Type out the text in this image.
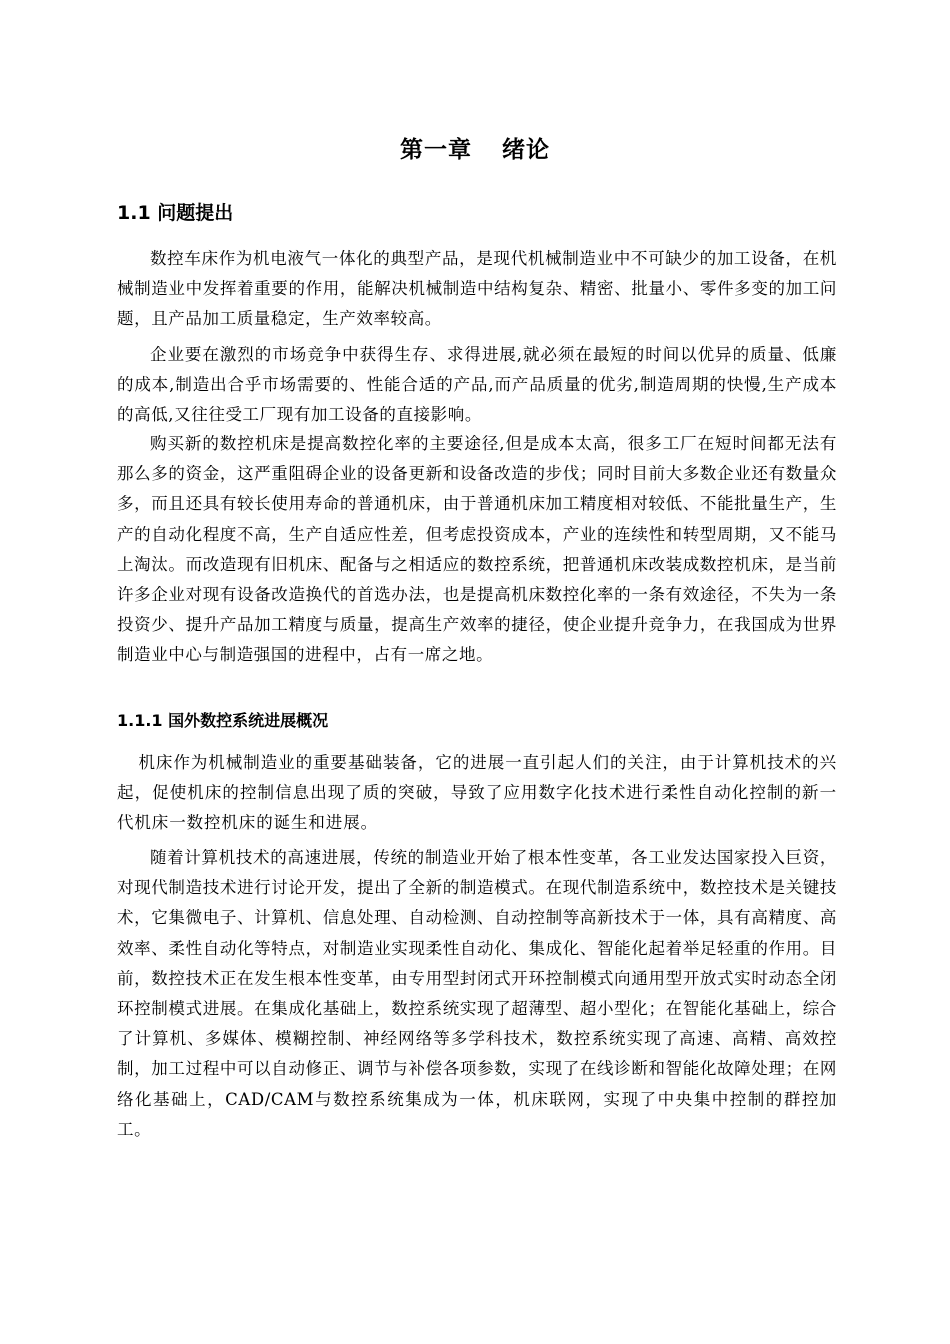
第一章 绪论
1.1 问题提出

数控车床作为机电液气一体化的典型产品，是现代机械制造业中不可缺少的加工设备，在机械制造业中发挥着重要的作用，能解决机械制造中结构复杂、精密、批量小、零件多变的加工问题，且产品加工质量稳定，生产效率较高。

企业要在激烈的市场竞争中获得生存、求得进展,就必须在最短的时间以优异的质量、低廉的成本,制造出合乎市场需要的、性能合适的产品,而产品质量的优劣,制造周期的快慢,生产成本的高低,又往往受工厂现有加工设备的直接影响。

购买新的数控机床是提高数控化率的主要途径,但是成本太高，很多工厂在短时间都无法有那么多的资金，这严重阻碍企业的设备更新和设备改造的步伐；同时目前大多数企业还有数量众多，而且还具有较长使用寿命的普通机床，由于普通机床加工精度相对较低、不能批量生产，生产的自动化程度不高，生产自适应性差，但考虑投资成本，产业的连续性和转型周期，又不能马上淘汰。而改造现有旧机床、配备与之相适应的数控系统，把普通机床改装成数控机床，是当前许多企业对现有设备改造换代的首选办法，也是提高机床数控化率的一条有效途径，不失为一条投资少、提升产品加工精度与质量，提高生产效率的捷径，使企业提升竞争力，在我国成为世界制造业中心与制造强国的进程中，占有一席之地。

1.1.1 国外数控系统进展概况

机床作为机械制造业的重要基础装备，它的进展一直引起人们的关注，由于计算机技术的兴起，促使机床的控制信息出现了质的突破，导致了应用数字化技术进行柔性自动化控制的新一代机床一数控机床的诞生和进展。

随着计算机技术的高速进展，传统的制造业开始了根本性变革，各工业发达国家投入巨资，对现代制造技术进行讨论开发，提出了全新的制造模式。在现代制造系统中，数控技术是关键技术，它集微电子、计算机、信息处理、自动检测、自动控制等高新技术于一体，具有高精度、高效率、柔性自动化等特点，对制造业实现柔性自动化、集成化、智能化起着举足轻重的作用。目前，数控技术正在发生根本性变革，由专用型封闭式开环控制模式向通用型开放式实时动态全闭环控制模式进展。在集成化基础上，数控系统实现了超薄型、超小型化；在智能化基础上，综合了计算机、多媒体、模糊控制、神经网络等多学科技术，数控系统实现了高速、高精、高效控制，加工过程中可以自动修正、调节与补偿各项参数，实现了在线诊断和智能化故障处理；在网络化基础上，CAD/CAM与数控系统集成为一体，机床联网，实现了中央集中控制的群控加工。
